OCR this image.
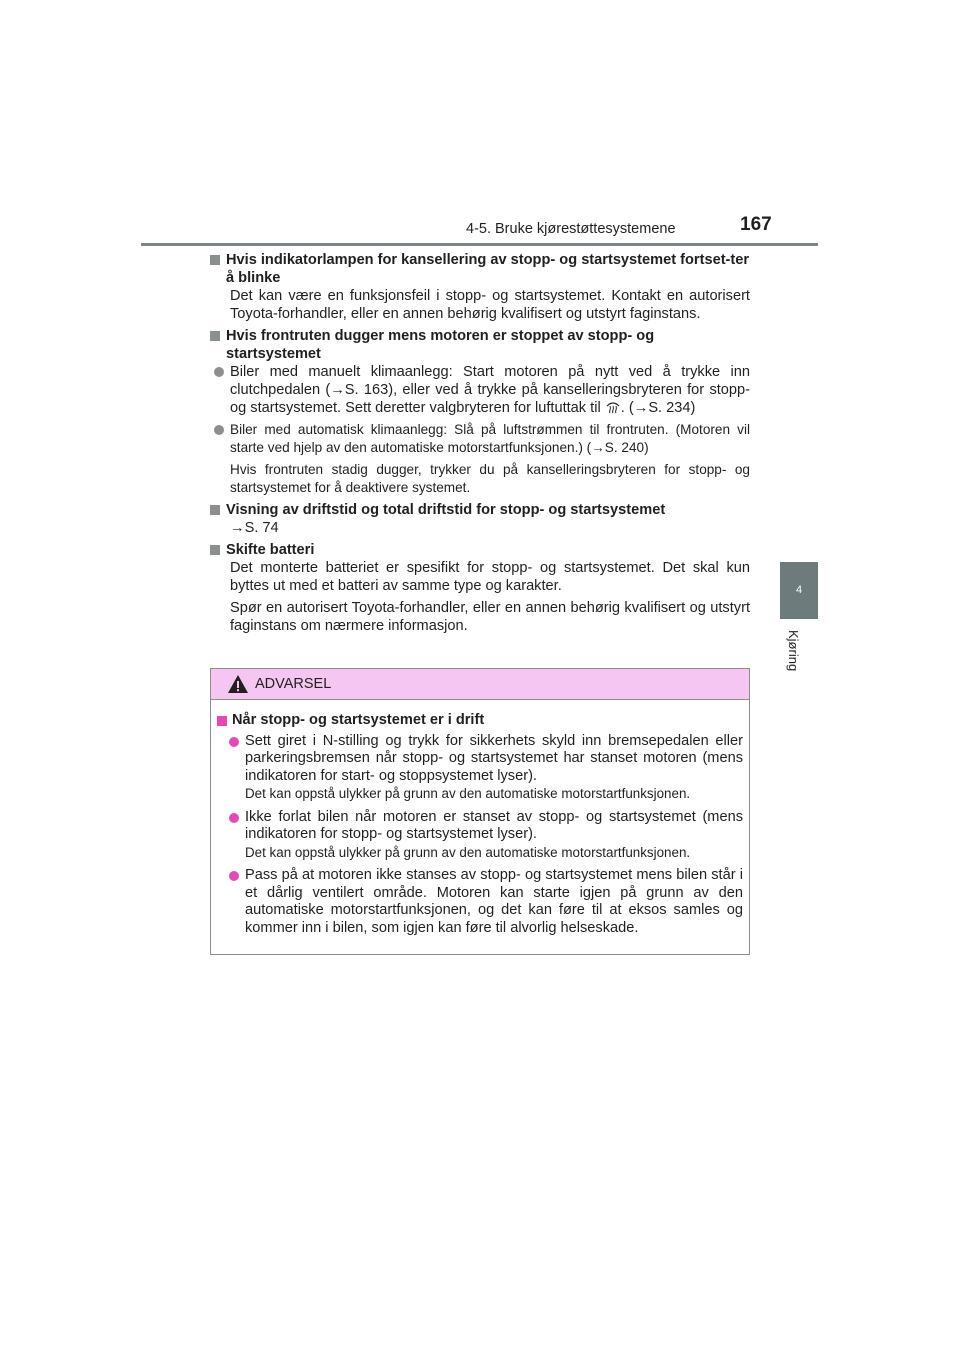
4-5. Bruke kjørestøttesystemene	167
4
Kjøring
Hvis indikatorlampen for kansellering av stopp- og startsystemet fortset-ter å blinke
Det kan være en funksjonsfeil i stopp- og startsystemet. Kontakt en autorisert Toyota-forhandler, eller en annen behørig kvalifisert og utstyrt faginstans.
Hvis frontruten dugger mens motoren er stoppet av stopp- og startsystemet
Biler med manuelt klimaanlegg: Start motoren på nytt ved å trykke inn clutchpedalen (→S. 163), eller ved å trykke på kanselleringsbryteren for stopp- og startsystemet. Sett deretter valgbryteren for luftuttak til . (→S. 234)
Biler med automatisk klimaanlegg: Slå på luftstrømmen til frontruten. (Motoren vil starte ved hjelp av den automatiske motorstartfunksjonen.) (→S. 240)
Hvis frontruten stadig dugger, trykker du på kanselleringsbryteren for stopp- og startsystemet for å deaktivere systemet.
Visning av driftstid og total driftstid for stopp- og startsystemet
→S. 74
Skifte batteri
Det monterte batteriet er spesifikt for stopp- og startsystemet. Det skal kun byttes ut med et batteri av samme type og karakter.
Spør en autorisert Toyota-forhandler, eller en annen behørig kvalifisert og utstyrt faginstans om nærmere informasjon.
ADVARSEL
Når stopp- og startsystemet er i drift
Sett giret i N-stilling og trykk for sikkerhets skyld inn bremsepedalen eller parkeringsbremsen når stopp- og startsystemet har stanset motoren (mens indikatoren for start- og stoppsystemet lyser).
Det kan oppstå ulykker på grunn av den automatiske motorstartfunksjonen.
Ikke forlat bilen når motoren er stanset av stopp- og startsystemet (mens indikatoren for stopp- og startsystemet lyser).
Det kan oppstå ulykker på grunn av den automatiske motorstartfunksjonen.
Pass på at motoren ikke stanses av stopp- og startsystemet mens bilen står i et dårlig ventilert område. Motoren kan starte igjen på grunn av den automatiske motorstartfunksjonen, og det kan føre til at eksos samles og kommer inn i bilen, som igjen kan føre til alvorlig helseskade.
